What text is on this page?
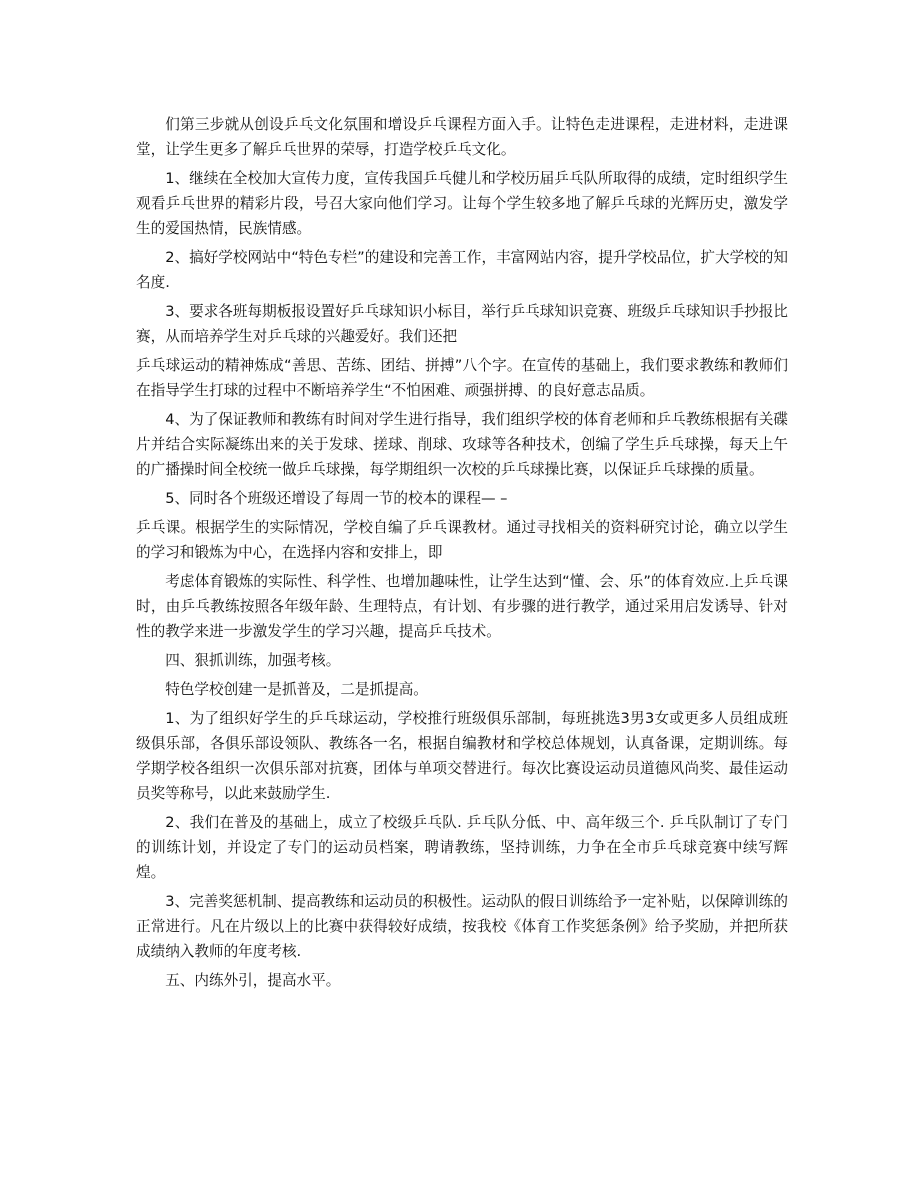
们第三步就从创设乒乓文化氛围和增设乒乓课程方面入手。让特色走进课程，走进材料，走进课堂，让学生更多了解乒乓世界的荣辱，打造学校乒乓文化。

1、继续在全校加大宣传力度，宣传我国乒乓健儿和学校历届乒乓队所取得的成绩，定时组织学生观看乒乓世界的精彩片段，号召大家向他们学习。让每个学生较多地了解乒乓球的光辉历史，激发学生的爱国热情，民族情感。

2、搞好学校网站中“特色专栏”的建设和完善工作，丰富网站内容，提升学校品位，扩大学校的知名度.

3、要求各班每期板报设置好乒乓球知识小标目，举行乒乓球知识竞赛、班级乒乓球知识手抄报比赛，从而培养学生对乒乓球的兴趣爱好。我们还把

乒乓球运动的精神炼成“善思、苦练、团结、拼搏”八个字。在宣传的基础上，我们要求教练和教师们在指导学生打球的过程中不断培养学生“不怕困难、顽强拼搏、的良好意志品质。

4、为了保证教师和教练有时间对学生进行指导，我们组织学校的体育老师和乒乓教练根据有关碟片并结合实际凝练出来的关于发球、搓球、削球、攻球等各种技术，创编了学生乒乓球操，每天上午的广播操时间全校统一做乒乓球操，每学期组织一次校的乒乓球操比赛，以保证乒乓球操的质量。

5、同时各个班级还增设了每周一节的校本的课程— –

乒乓课。根据学生的实际情况，学校自编了乒乓课教材。通过寻找相关的资料研究讨论，确立以学生的学习和锻炼为中心，在选择内容和安排上，即

考虑体育锻炼的实际性、科学性、也增加趣味性，让学生达到“懂、会、乐”的体育效应.上乒乓课时，由乒乓教练按照各年级年龄、生理特点，有计划、有步骤的进行教学，通过采用启发诱导、针对性的教学来进一步激发学生的学习兴趣，提高乒乓技术。

四、狠抓训练，加强考核。

特色学校创建一是抓普及，二是抓提高。

1、为了组织好学生的乒乓球运动，学校推行班级俱乐部制，每班挑选3男3女或更多人员组成班级俱乐部，各俱乐部设领队、教练各一名，根据自编教材和学校总体规划，认真备课，定期训练。每学期学校各组织一次俱乐部对抗赛，团体与单项交替进行。每次比赛设运动员道德风尚奖、最佳运动员奖等称号，以此来鼓励学生.

2、我们在普及的基础上，成立了校级乒乓队. 乒乓队分低、中、高年级三个. 乒乓队制订了专门的训练计划，并设定了专门的运动员档案，聘请教练，坚持训练，力争在全市乒乓球竞赛中续写辉煌。

3、完善奖惩机制、提高教练和运动员的积极性。运动队的假日训练给予一定补贴，以保障训练的正常进行。凡在片级以上的比赛中获得较好成绩，按我校《体育工作奖惩条例》给予奖励，并把所获成绩纳入教师的年度考核.

五、内练外引，提高水平。
